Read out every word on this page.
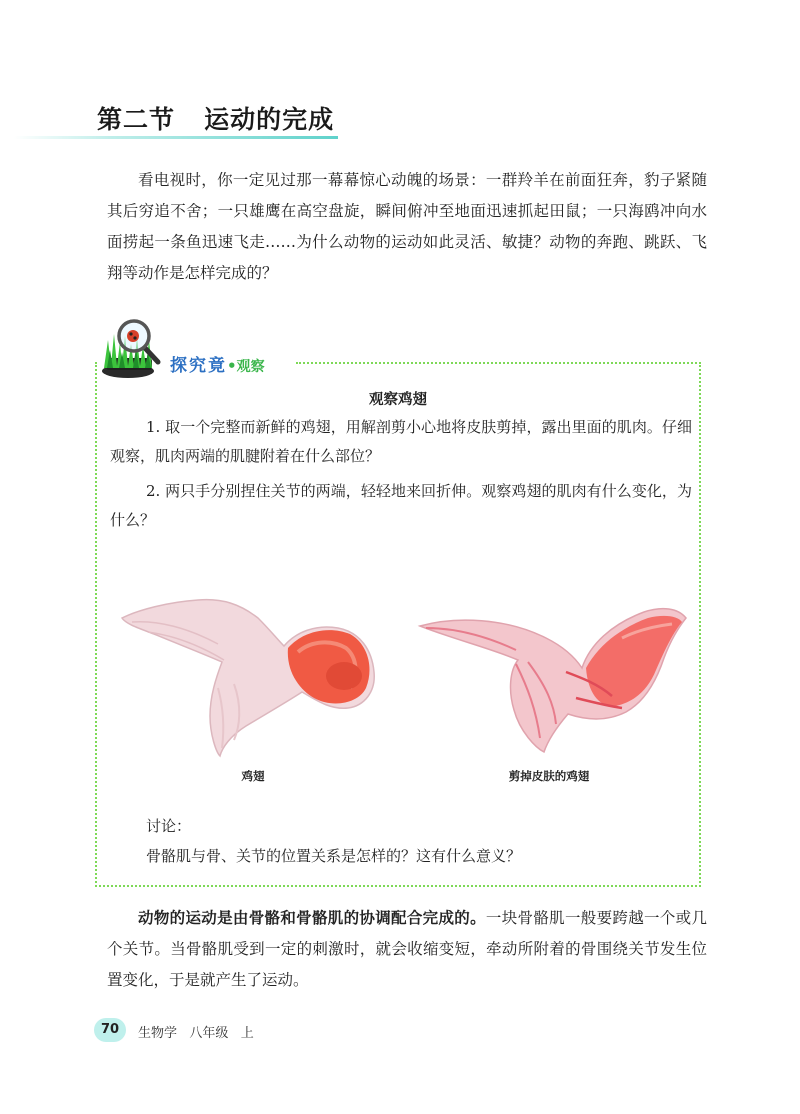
第二节   运动的完成

看电视时，你一定见过那一幕幕惊心动魄的场景：一群羚羊在前面狂奔，豹子紧随其后穷追不舍；一只雄鹰在高空盘旋，瞬间俯冲至地面迅速抓起田鼠；一只海鸥冲向水面捞起一条鱼迅速飞走……为什么动物的运动如此灵活、敏捷？动物的奔跑、跳跃、飞翔等动作是怎样完成的？

探究竟•观察
观察鸡翅

1. 取一个完整而新鲜的鸡翅，用解剖剪小心地将皮肤剪掉，露出里面的肌肉。仔细观察，肌肉两端的肌腱附着在什么部位？

2. 两只手分别捏住关节的两端，轻轻地来回折伸。观察鸡翅的肌肉有什么变化，为什么？

鸡翅	剪掉皮肤的鸡翅

讨论：

骨骼肌与骨、关节的位置关系是怎样的？这有什么意义？

动物的运动是由骨骼和骨骼肌的协调配合完成的。一块骨骼肌一般要跨越一个或几个关节。当骨骼肌受到一定的刺激时，就会收缩变短，牵动所附着的骨围绕关节发生位置变化，于是就产生了运动。

70	生物学   八年级   上
